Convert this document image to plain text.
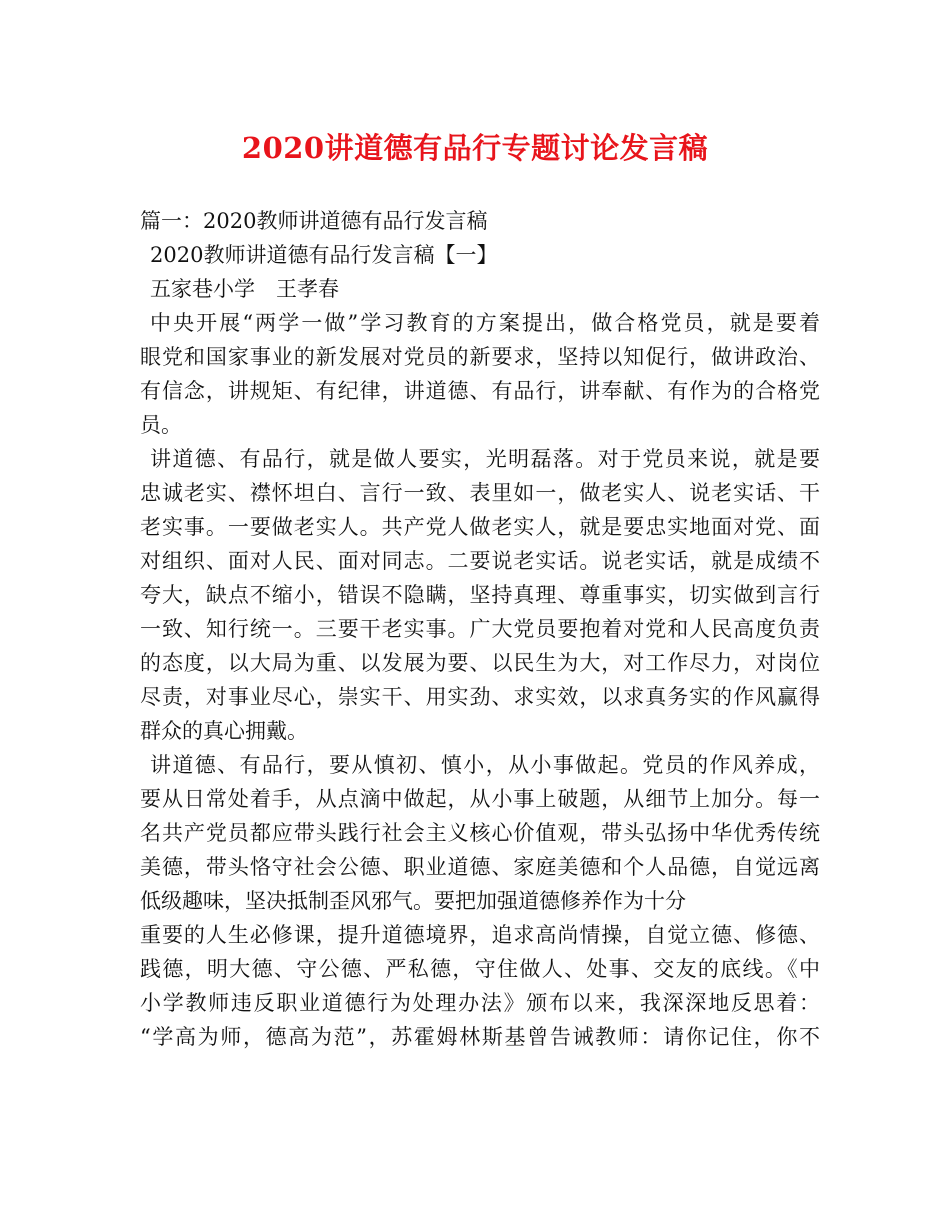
2020讲道德有品行专题讨论发言稿
篇一：2020教师讲道德有品行发言稿
2020教师讲道德有品行发言稿【一】
五家巷小学　王孝春
中央开展“两学一做”学习教育的方案提出，做合格党员，就是要着
眼党和国家事业的新发展对党员的新要求，坚持以知促行，做讲政治、
有信念，讲规矩、有纪律，讲道德、有品行，讲奉献、有作为的合格党
员。
讲道德、有品行，就是做人要实，光明磊落。对于党员来说，就是要
忠诚老实、襟怀坦白、言行一致、表里如一，做老实人、说老实话、干
老实事。一要做老实人。共产党人做老实人，就是要忠实地面对党、面
对组织、面对人民、面对同志。二要说老实话。说老实话，就是成绩不
夸大，缺点不缩小，错误不隐瞒，坚持真理、尊重事实，切实做到言行
一致、知行统一。三要干老实事。广大党员要抱着对党和人民高度负责
的态度，以大局为重、以发展为要、以民生为大，对工作尽力，对岗位
尽责，对事业尽心，崇实干、用实劲、求实效，以求真务实的作风赢得
群众的真心拥戴。
讲道德、有品行，要从慎初、慎小，从小事做起。党员的作风养成，
要从日常处着手，从点滴中做起，从小事上破题，从细节上加分。每一
名共产党员都应带头践行社会主义核心价值观，带头弘扬中华优秀传统
美德，带头恪守社会公德、职业道德、家庭美德和个人品德，自觉远离
低级趣味，坚决抵制歪风邪气。要把加强道德修养作为十分
重要的人生必修课，提升道德境界，追求高尚情操，自觉立德、修德、
践德，明大德、守公德、严私德，守住做人、处事、交友的底线。《中
小学教师违反职业道德行为处理办法》颁布以来，我深深地反思着：
“学高为师，德高为范”，苏霍姆林斯基曾告诫教师：请你记住，你不
